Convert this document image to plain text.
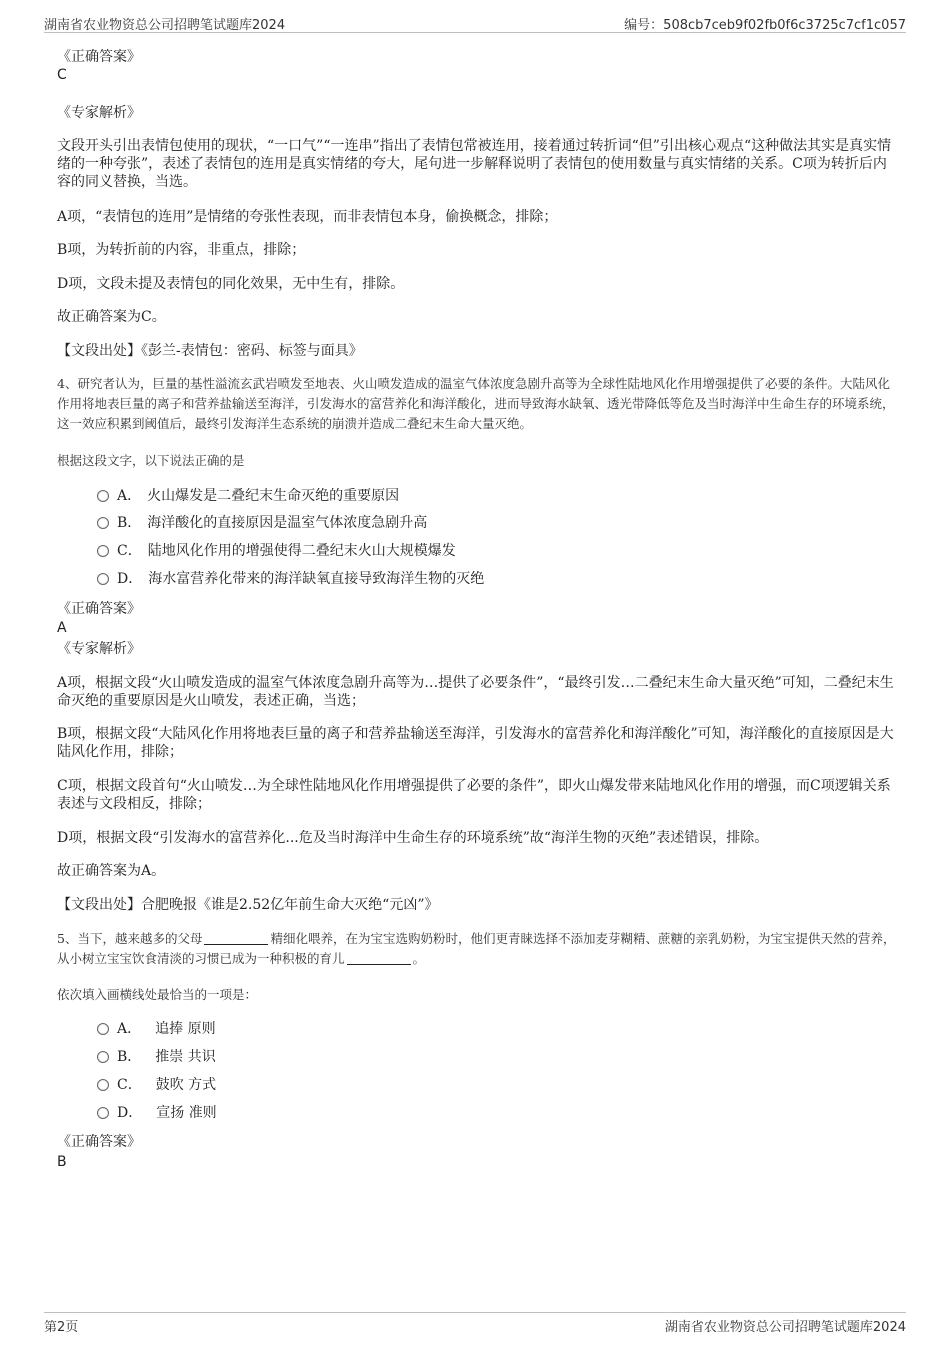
湖南省农业物资总公司招聘笔试题库2024	编号：508cb7ceb9f02fb0f6c3725c7cf1c057
《正确答案》
C
《专家解析》
文段开头引出表情包使用的现状，“一口气”“一连串”指出了表情包常被连用，接着通过转折词“但”引出核心观点“这种做法其实是真实情绪的一种夸张”，表述了表情包的连用是真实情绪的夸大，尾句进一步解释说明了表情包的使用数量与真实情绪的关系。C项为转折后内容的同义替换，当选。
A项，“表情包的连用”是情绪的夸张性表现，而非表情包本身，偷换概念，排除；
B项，为转折前的内容，非重点，排除；
D项，文段未提及表情包的同化效果，无中生有，排除。
故正确答案为C。
【文段出处】《彭兰-表情包：密码、标签与面具》
4、研究者认为，巨量的基性溢流玄武岩喷发至地表、火山喷发造成的温室气体浓度急剧升高等为全球性陆地风化作用增强提供了必要的条件。大陆风化作用将地表巨量的离子和营养盐输送至海洋，引发海水的富营养化和海洋酸化，进而导致海水缺氧、透光带降低等危及当时海洋中生命生存的环境系统，这一效应积累到阈值后，最终引发海洋生态系统的崩溃并造成二叠纪末生命大量灭绝。
根据这段文字，以下说法正确的是
A． 火山爆发是二叠纪末生命灭绝的重要原因
B． 海洋酸化的直接原因是温室气体浓度急剧升高
C． 陆地风化作用的增强使得二叠纪末火山大规模爆发
D． 海水富营养化带来的海洋缺氧直接导致海洋生物的灭绝
《正确答案》
A
《专家解析》
A项，根据文段“火山喷发造成的温室气体浓度急剧升高等为…提供了必要条件”，“最终引发…二叠纪末生命大量灭绝”可知，二叠纪末生命灭绝的重要原因是火山喷发，表述正确，当选；
B项，根据文段“大陆风化作用将地表巨量的离子和营养盐输送至海洋，引发海水的富营养化和海洋酸化”可知，海洋酸化的直接原因是大陆风化作用，排除；
C项，根据文段首句“火山喷发…为全球性陆地风化作用增强提供了必要的条件”，即火山爆发带来陆地风化作用的增强，而C项逻辑关系表述与文段相反，排除；
D项，根据文段“引发海水的富营养化...危及当时海洋中生命生存的环境系统”故“海洋生物的灭绝”表述错误，排除。
故正确答案为A。
【文段出处】合肥晚报《谁是2.52亿年前生命大灭绝“元凶”》
5、当下，越来越多的父母	精细化喂养，在为宝宝选购奶粉时，他们更青睐选择不添加麦芽糊精、蔗糖的亲乳奶粉，为宝宝提供天然的营养，从小树立宝宝饮食清淡的习惯已成为一种积极的育儿	。
依次填入画横线处最恰当的一项是：
A． 追捧 原则
B． 推崇 共识
C． 鼓吹 方式
D． 宣扬 准则
《正确答案》
B
第2页	湖南省农业物资总公司招聘笔试题库2024
